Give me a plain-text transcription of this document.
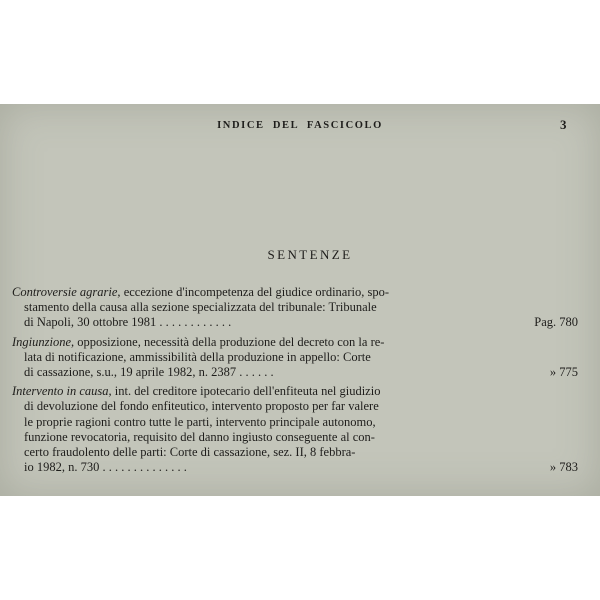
INDICE DEL FASCICOLO	3
SENTENZE
Controversie agrarie, eccezione d'incompetenza del giudice ordinario, spo-
stamento della causa alla sezione specializzata del tribunale: Tribunale
di Napoli, 30 ottobre 1981 . . . . . . . . . . . .	Pag. 780
Ingiunzione, opposizione, necessità della produzione del decreto con la re-
lata di notificazione, ammissibilità della produzione in appello: Corte
di cassazione, s.u., 19 aprile 1982, n. 2387 . . . . . .	» 775
Intervento in causa, int. del creditore ipotecario dell'enfiteuta nel giudizio
di devoluzione del fondo enfiteutico, intervento proposto per far valere
le proprie ragioni contro tutte le parti, intervento principale autonomo,
funzione revocatoria, requisito del danno ingiusto conseguente al con-
certo fraudolento delle parti: Corte di cassazione, sez. II, 8 febbra-
io 1982, n. 730 . . . . . . . . . . . . . .	» 783
